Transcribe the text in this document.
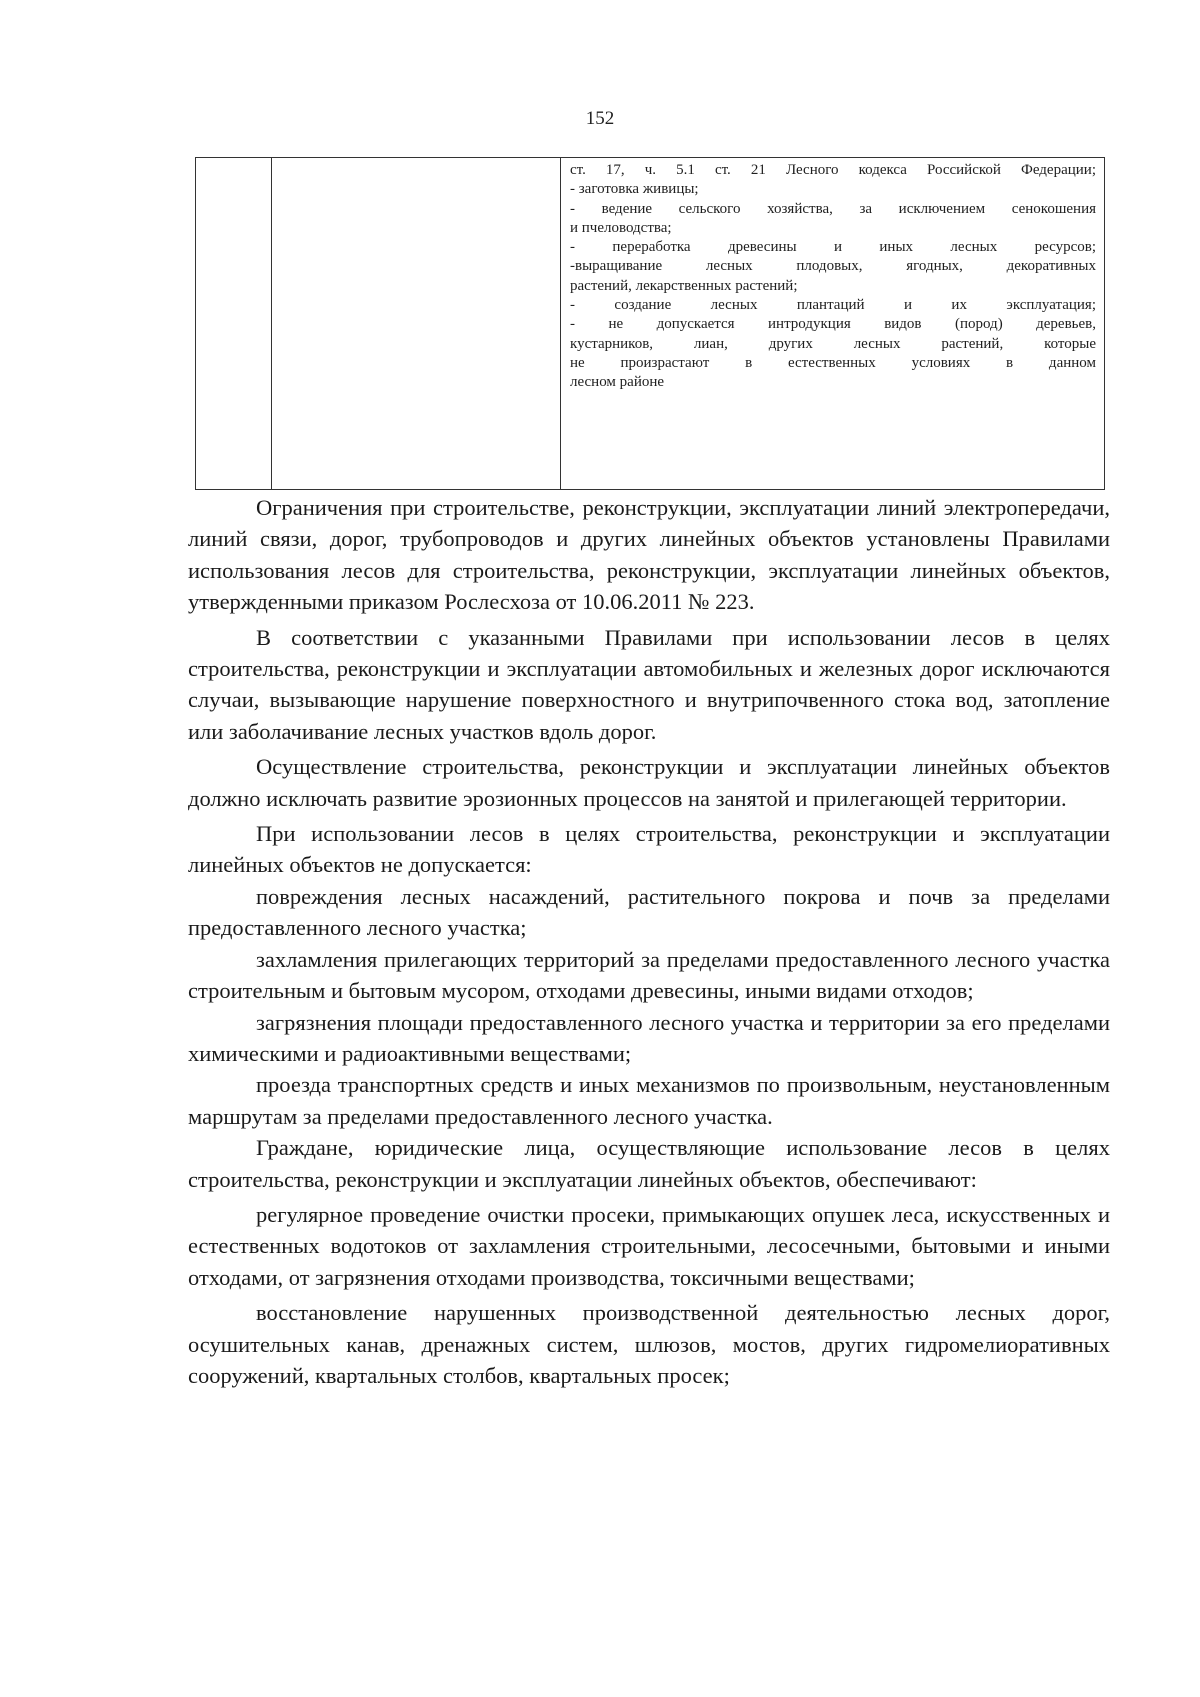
152

ст. 17, ч. 5.1 ст. 21 Лесного кодекса Российской Федерации;
- заготовка живицы;
- ведение сельского хозяйства, за исключением сенокошения
и пчеловодства;
- переработка древесины и иных лесных ресурсов;
-выращивание лесных плодовых, ягодных, декоративных
растений, лекарственных растений;
- создание лесных плантаций и их эксплуатация;
- не допускается интродукция видов (пород) деревьев,
кустарников, лиан, других лесных растений, которые
не произрастают в естественных условиях в данном
лесном районе

Ограничения при строительстве, реконструкции, эксплуатации линий электропередачи, линий связи, дорог, трубопроводов и других линейных объектов установлены Правилами использования лесов для строительства, реконструкции, эксплуатации линейных объектов, утвержденными приказом Рослесхоза от 10.06.2011 № 223.

В соответствии с указанными Правилами при использовании лесов в целях строительства, реконструкции и эксплуатации автомобильных и железных дорог исключаются случаи, вызывающие нарушение поверхностного и внутрипочвенного стока вод, затопление или заболачивание лесных участков вдоль дорог.

Осуществление строительства, реконструкции и эксплуатации линейных объектов должно исключать развитие эрозионных процессов на занятой и прилегающей территории.

При использовании лесов в целях строительства, реконструкции и эксплуатации линейных объектов не допускается:

повреждения лесных насаждений, растительного покрова и почв за пределами предоставленного лесного участка;

захламления прилегающих территорий за пределами предоставленного лесного участка строительным и бытовым мусором, отходами древесины, иными видами отходов;

загрязнения площади предоставленного лесного участка и территории за его пределами химическими и радиоактивными веществами;

проезда транспортных средств и иных механизмов по произвольным, неустановленным маршрутам за пределами предоставленного лесного участка.

Граждане, юридические лица, осуществляющие использование лесов в целях строительства, реконструкции и эксплуатации линейных объектов, обеспечивают:

регулярное проведение очистки просеки, примыкающих опушек леса, искусственных и естественных водотоков от захламления строительными, лесосечными, бытовыми и иными отходами, от загрязнения отходами производства, токсичными веществами;

восстановление нарушенных производственной деятельностью лесных дорог, осушительных канав, дренажных систем, шлюзов, мостов, других гидромелиоративных сооружений, квартальных столбов, квартальных просек;
